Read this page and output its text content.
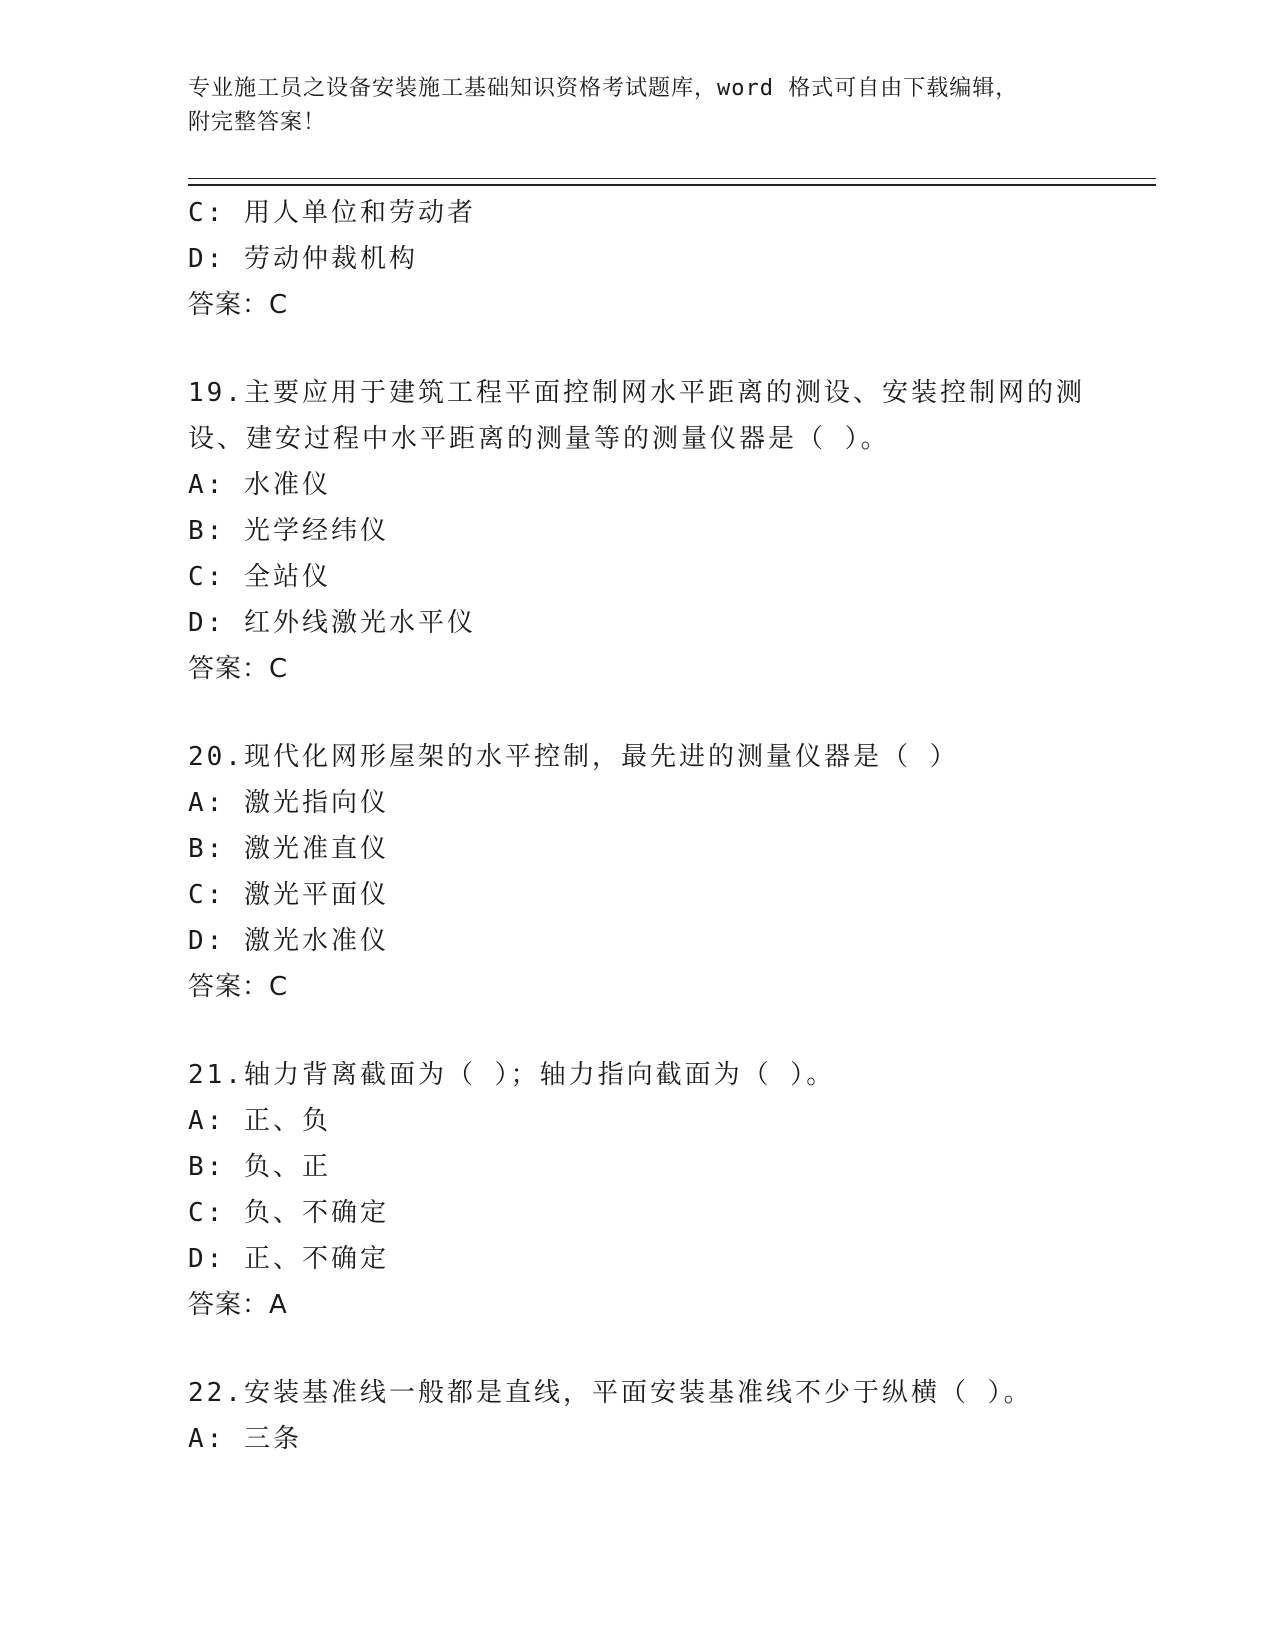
专业施工员之设备安装施工基础知识资格考试题库，word 格式可自由下载编辑，
附完整答案！
C: 用人单位和劳动者
D: 劳动仲裁机构
答案：C
19.主要应用于建筑工程平面控制网水平距离的测设、安装控制网的测
设、建安过程中水平距离的测量等的测量仪器是（ ）。
A: 水准仪
B: 光学经纬仪
C: 全站仪
D: 红外线激光水平仪
答案：C
20.现代化网形屋架的水平控制，最先进的测量仪器是（ ）
A: 激光指向仪
B: 激光准直仪
C: 激光平面仪
D: 激光水准仪
答案：C
21.轴力背离截面为（ ）；轴力指向截面为（ ）。
A: 正、负
B: 负、正
C: 负、不确定
D: 正、不确定
答案：A
22.安装基准线一般都是直线，平面安装基准线不少于纵横（ ）。
A: 三条
